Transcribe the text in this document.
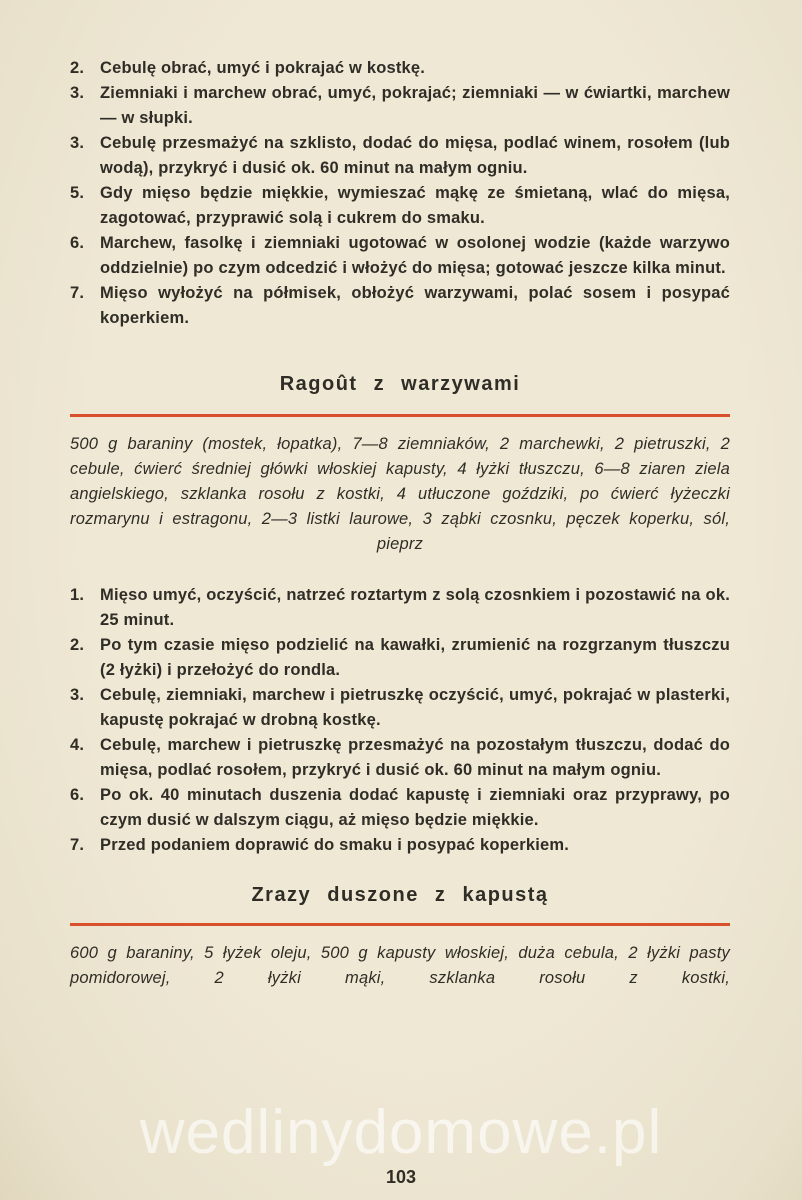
2. Cebulę obrać, umyć i pokrajać w kostkę.
3. Ziemniaki i marchew obrać, umyć, pokrajać; ziemniaki — w ćwiartki, marchew — w słupki.
3. Cebulę przesmażyć na szklisto, dodać do mięsa, podlać winem, rosołem (lub wodą), przykryć i dusić ok. 60 minut na małym ogniu.
5. Gdy mięso będzie miękkie, wymieszać mąkę ze śmietaną, wlać do mięsa, zagotować, przyprawić solą i cukrem do smaku.
6. Marchew, fasolkę i ziemniaki ugotować w osolonej wodzie (każde warzywo oddzielnie) po czym odcedzić i włożyć do mięsa; gotować jeszcze kilka minut.
7. Mięso wyłożyć na półmisek, obłożyć warzywami, polać sosem i posypać koperkiem.
Ragoût z warzywami

500 g baraniny (mostek, łopatka), 7—8 ziemniaków, 2 marchewki, 2 pietruszki, 2 cebule, ćwierć średniej główki włoskiej kapusty, 4 łyżki tłuszczu, 6—8 ziaren ziela angielskiego, szklanka rosołu z kostki, 4 utłuczone goździki, po ćwierć łyżeczki rozmarynu i estragonu, 2—3 listki laurowe, 3 ząbki czosnku, pęczek koperku, sól, pieprz

1. Mięso umyć, oczyścić, natrzeć roztartym z solą czosnkiem i pozostawić na ok. 25 minut.
2. Po tym czasie mięso podzielić na kawałki, zrumienić na rozgrzanym tłuszczu (2 łyżki) i przełożyć do rondla.
3. Cebulę, ziemniaki, marchew i pietruszkę oczyścić, umyć, pokrajać w plasterki, kapustę pokrajać w drobną kostkę.
4. Cebulę, marchew i pietruszkę przesmażyć na pozostałym tłuszczu, dodać do mięsa, podlać rosołem, przykryć i dusić ok. 60 minut na małym ogniu.
6. Po ok. 40 minutach duszenia dodać kapustę i ziemniaki oraz przyprawy, po czym dusić w dalszym ciągu, aż mięso będzie miękkie.
7. Przed podaniem doprawić do smaku i posypać koperkiem.
Zrazy duszone z kapustą

600 g baraniny, 5 łyżek oleju, 500 g kapusty włoskiej, duża cebula, 2 łyżki pasty pomidorowej, 2 łyżki mąki, szklanka rosołu z kostki,

wedlinydomowe.pl
103
